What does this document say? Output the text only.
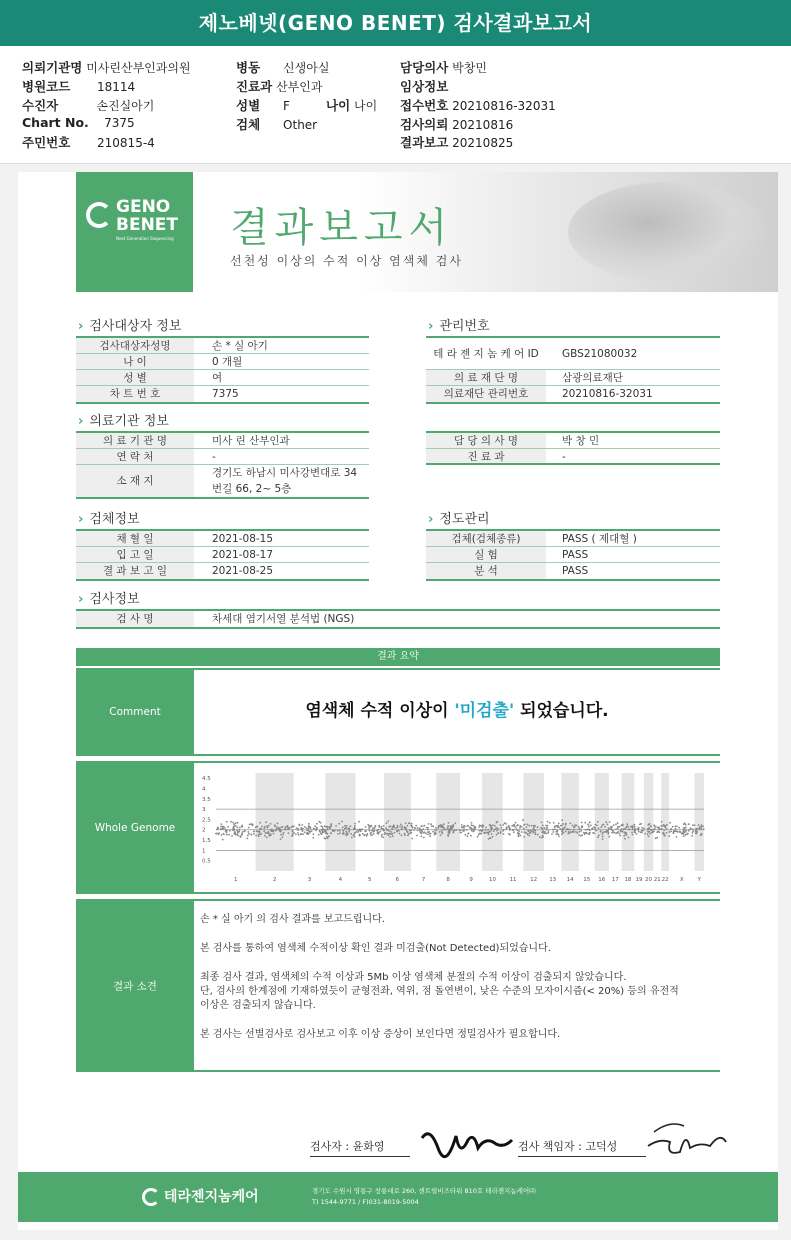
제노베넷(GENO BENET) 검사결과보고서
의뢰기관명 미사린산부인과의원
병원코드 18114
수진자	손진실아기
Chart No. 7375
주민번호 210815-4
병동 신생아실
진료과 산부인과
성별 F	나이 나이
검체 Other
담당의사 박창민
임상정보
접수번호 20210816-32031
검사의뢰 20210816
결과보고 20210825
GENO
BENET
Next Generation Sequencing 결과보고서
선천성 이상의 수적 이상 염색체 검사
› 검사대상자 정보
검사대상자성명	손 * 실 아기
나 이	0 개월
성 별	여
차 트 번 호	7375
› 관리번호
테 라 젠 지 놈 케 어 ID	GBS21080032
의 료 재 단 명	삼광의료재단
의료재단 관리번호	20210816-32031
› 의료기관 정보
의 료 기 관 명	미사 린 산부인과
연 락 처	-
소 재 지
경기도 하남시 미사강변대로 34
번길 66, 2~ 5층
담 당 의 사 명	박 창 민
진 료 과	-
› 검체정보
채 혈 일	2021-08-15
입 고 일	2021-08-17
결 과 보 고 일	2021-08-25
› 정도관리
검체(검체종류)	PASS ( 제대혈 )
실 험	PASS
분 석	PASS
› 검사정보
검 사 명	차세대 염기서열 분석법 (NGS)
결과 요약
Comment	염색체 수적 이상이 '미검출' 되었습니다.
Whole Genome
4.5
4
3.5
3
2.5
2
1.5
1
0.5
1	2	3	4	5	6	7	8	9	10 11 12 13 14 15 16 17 18 19 20 21 22 X	Y
결과 소견

손 * 실 아기 의 검사 결과를 보고드립니다.

본 검사를 통하여 염색체 수적이상 확인 결과 미검출(Not Detected)되었습니다.

최종 검사 결과, 염색체의 수적 이상과 5Mb 이상 염색체 분절의 수적 이상이 검출되지 않았습니다.

단, 검사의 한계점에 기재하였듯이 균형전좌, 역위, 점 돌연변이, 낮은 수준의 모자이시즘(< 20%) 등의 유전적

이상은 검출되지 않습니다.

본 검사는 선별검사로 검사보고 이후 이상 증상이 보인다면 정밀검사가 필요합니다.

검사자 : 윤화영	검사 책임자 : 고덕성
테라젠지놈케어	경기도 수원시 영통구 창룡대로 260, 센트럴비즈타워 810호 테라젠지놈케어㈜
T) 1544-9771 / F)031-8019-5004
